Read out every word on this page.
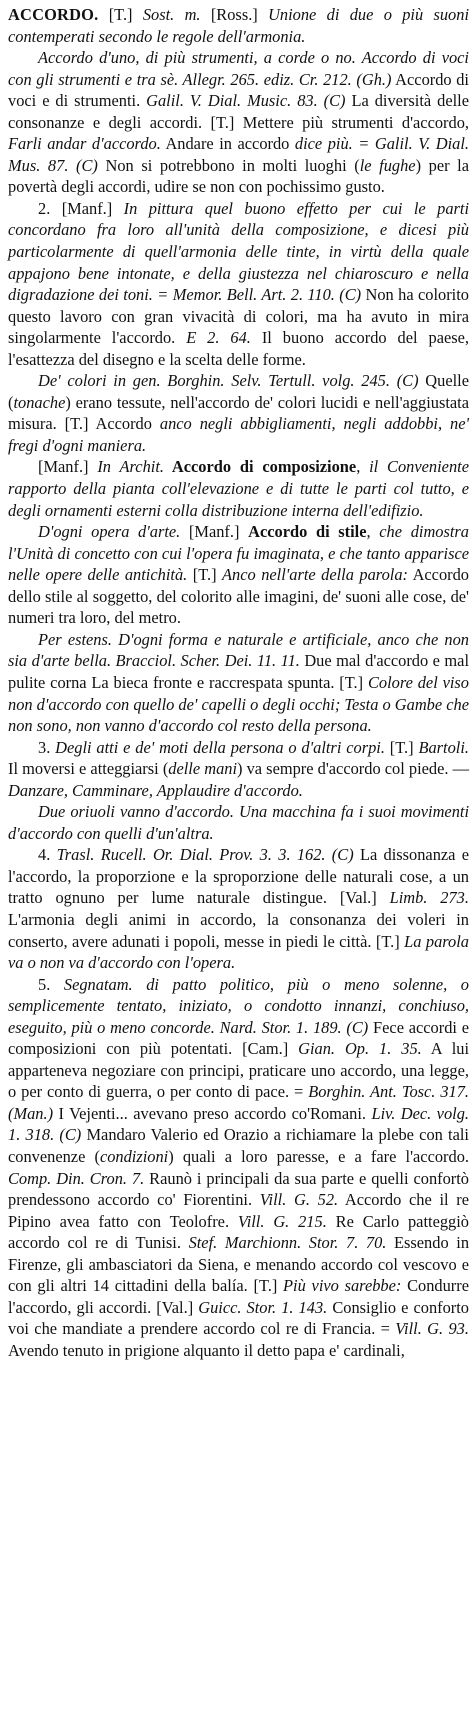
ACCORDO. [T.] Sost. m. [Ross.] Unione di due o più suoni contemperati secondo le regole dell'armonia.

Accordo d'uno, di più strumenti, a corde o no. Accordo di voci con gli strumenti e tra sè. Allegr. 265. ediz. Cr. 212. (Gh.) Accordo di voci e di strumenti. Galil. V. Dial. Music. 83. (C) La diversità delle consonanze e degli accordi. [T.] Mettere più strumenti d'accordo, Farli andar d'accordo. Andare in accordo dice più. = Galil. V. Dial. Mus. 87. (C) Non si potrebbono in molti luoghi (le fughe) per la povertà degli accordi, udire se non con pochissimo gusto.

2. [Manf.] In pittura quel buono effetto per cui le parti concordano fra loro all'unità della composizione, e dicesi più particolarmente di quell'armonia delle tinte, in virtù della quale appajono bene intonate, e della giustezza nel chiaroscuro e nella digradazione dei toni. = Memor. Bell. Art. 2. 110. (C) Non ha colorito questo lavoro con gran vivacità di colori, ma ha avuto in mira singolarmente l'accordo. E 2. 64. Il buono accordo del paese, l'esattezza del disegno e la scelta delle forme.

De' colori in gen. Borghin. Selv. Tertull. volg. 245. (C) Quelle (tonache) erano tessute, nell'accordo de' colori lucidi e nell'aggiustata misura. [T.] Accordo anco negli abbigliamenti, negli addobbi, ne' fregi d'ogni maniera.

[Manf.] In Archit. Accordo di composizione, il Conveniente rapporto della pianta coll'elevazione e di tutte le parti col tutto, e degli ornamenti esterni colla distribuzione interna dell'edifizio.

D'ogni opera d'arte. [Manf.] Accordo di stile, che dimostra l'Unità di concetto con cui l'opera fu imaginata, e che tanto apparisce nelle opere delle antichità. [T.] Anco nell'arte della parola: Accordo dello stile al soggetto, del colorito alle imagini, de' suoni alle cose, de' numeri tra loro, del metro.

Per estens. D'ogni forma e naturale e artificiale, anco che non sia d'arte bella. Bracciol. Scher. Dei. 11. 11. Due mal d'accordo e mal pulite corna La bieca fronte e raccrespata spunta. [T.] Colore del viso non d'accordo con quello de' capelli o degli occhi; Testa o Gambe che non sono, non vanno d'accordo col resto della persona.

3. Degli atti e de' moti della persona o d'altri corpi. [T.] Bartoli. Il moversi e atteggiarsi (delle mani) va sempre d'accordo col piede. —Danzare, Camminare, Applaudire d'accordo.

Due oriuoli vanno d'accordo. Una macchina fa i suoi movimenti d'accordo con quelli d'un'altra.

4. Trasl. Rucell. Or. Dial. Prov. 3. 3. 162. (C) La dissonanza e l'accordo, la proporzione e la sproporzione delle naturali cose, a un tratto ognuno per lume naturale distingue. [Val.] Limb. 273. L'armonia degli animi in accordo, la consonanza dei voleri in conserto, avere adunati i popoli, messe in piedi le città. [T.] La parola va o non va d'accordo con l'opera.

5. Segnatam. di patto politico, più o meno solenne, o semplicemente tentato, iniziato, o condotto innanzi, conchiuso, eseguito, più o meno concorde. Nard. Stor. 1. 189. (C) Fece accordi e composizioni con più potentati. [Cam.] Gian. Op. 1. 35. A lui apparteneva negoziare con principi, praticare uno accordo, una legge, o per conto di guerra, o per conto di pace. = Borghin. Ant. Tosc. 317. (Man.) I Vejenti... avevano preso accordo co'Romani. Liv. Dec. volg. 1. 318. (C) Mandaro Valerio ed Orazio a richiamare la plebe con tali convenenze (condizioni) quali a loro paresse, e a fare l'accordo. Comp. Din. Cron. 7. Raunò i principali da sua parte e quelli confortò prendessono accordo co' Fiorentini. Vill. G. 52. Accordo che il re Pipino avea fatto con Teolofre. Vill. G. 215. Re Carlo patteggiò accordo col re di Tunisi. Stef. Marchionn. Stor. 7. 70. Essendo in Firenze, gli ambasciatori da Siena, e menando accordo col vescovo e con gli altri 14 cittadini della balía. [T.] Più vivo sarebbe: Condurre l'accordo, gli accordi. [Val.] Guicc. Stor. 1. 143. Consiglio e conforto voi che mandiate a prendere accordo col re di Francia. = Vill. G. 93. Avendo tenuto in prigione alquanto il detto papa e' cardinali,
